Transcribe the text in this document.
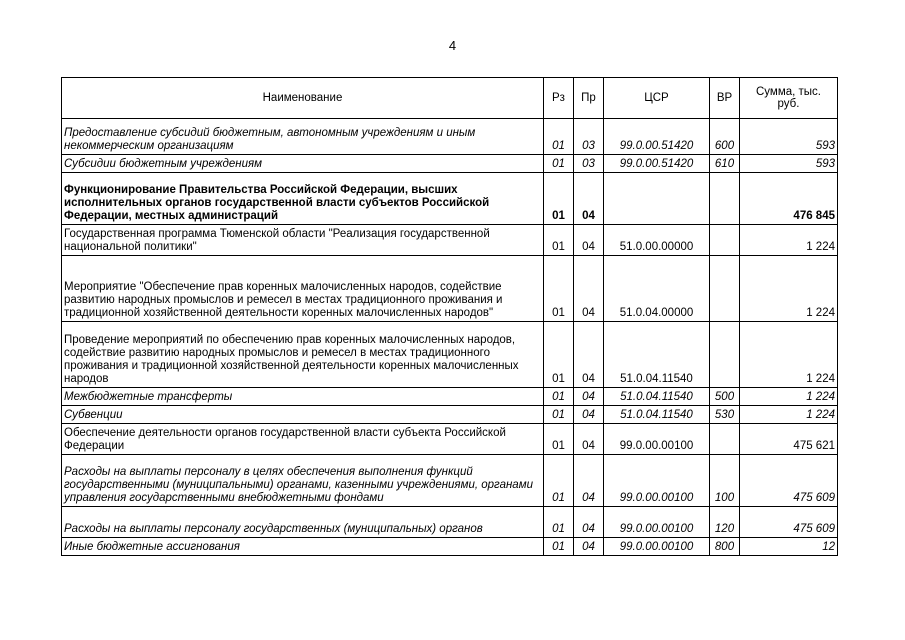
4
Наименование	Рз	Пр	ЦСР	ВР	Сумма, тыс. руб.
Предоставление субсидий бюджетным, автономным учреждениям и иным некоммерческим организациям	01	03	99.0.00.51420	600	593
Субсидии бюджетным учреждениям	01	03	99.0.00.51420	610	593
Функционирование Правительства Российской Федерации, высших исполнительных органов государственной власти субъектов Российской Федерации, местных администраций	01	04			476 845
Государственная программа Тюменской области "Реализация государственной национальной политики"	01	04	51.0.00.00000		1 224
Мероприятие "Обеспечение прав коренных малочисленных народов, содействие развитию народных промыслов и ремесел в местах традиционного проживания и традиционной хозяйственной деятельности коренных малочисленных народов"	01	04	51.0.04.00000		1 224
Проведение мероприятий по обеспечению прав коренных малочисленных народов, содействие развитию народных промыслов и ремесел в местах традиционного проживания и традиционной хозяйственной деятельности коренных малочисленных народов	01	04	51.0.04.11540		1 224
Межбюджетные трансферты	01	04	51.0.04.11540	500	1 224
Субвенции	01	04	51.0.04.11540	530	1 224
Обеспечение деятельности органов государственной власти субъекта Российской Федерации	01	04	99.0.00.00100		475 621
Расходы на выплаты персоналу в целях обеспечения выполнения функций государственными (муниципальными) органами, казенными учреждениями, органами управления государственными внебюджетными фондами	01	04	99.0.00.00100	100	475 609
Расходы на выплаты персоналу государственных (муниципальных) органов	01	04	99.0.00.00100	120	475 609
Иные бюджетные ассигнования	01	04	99.0.00.00100	800	12
